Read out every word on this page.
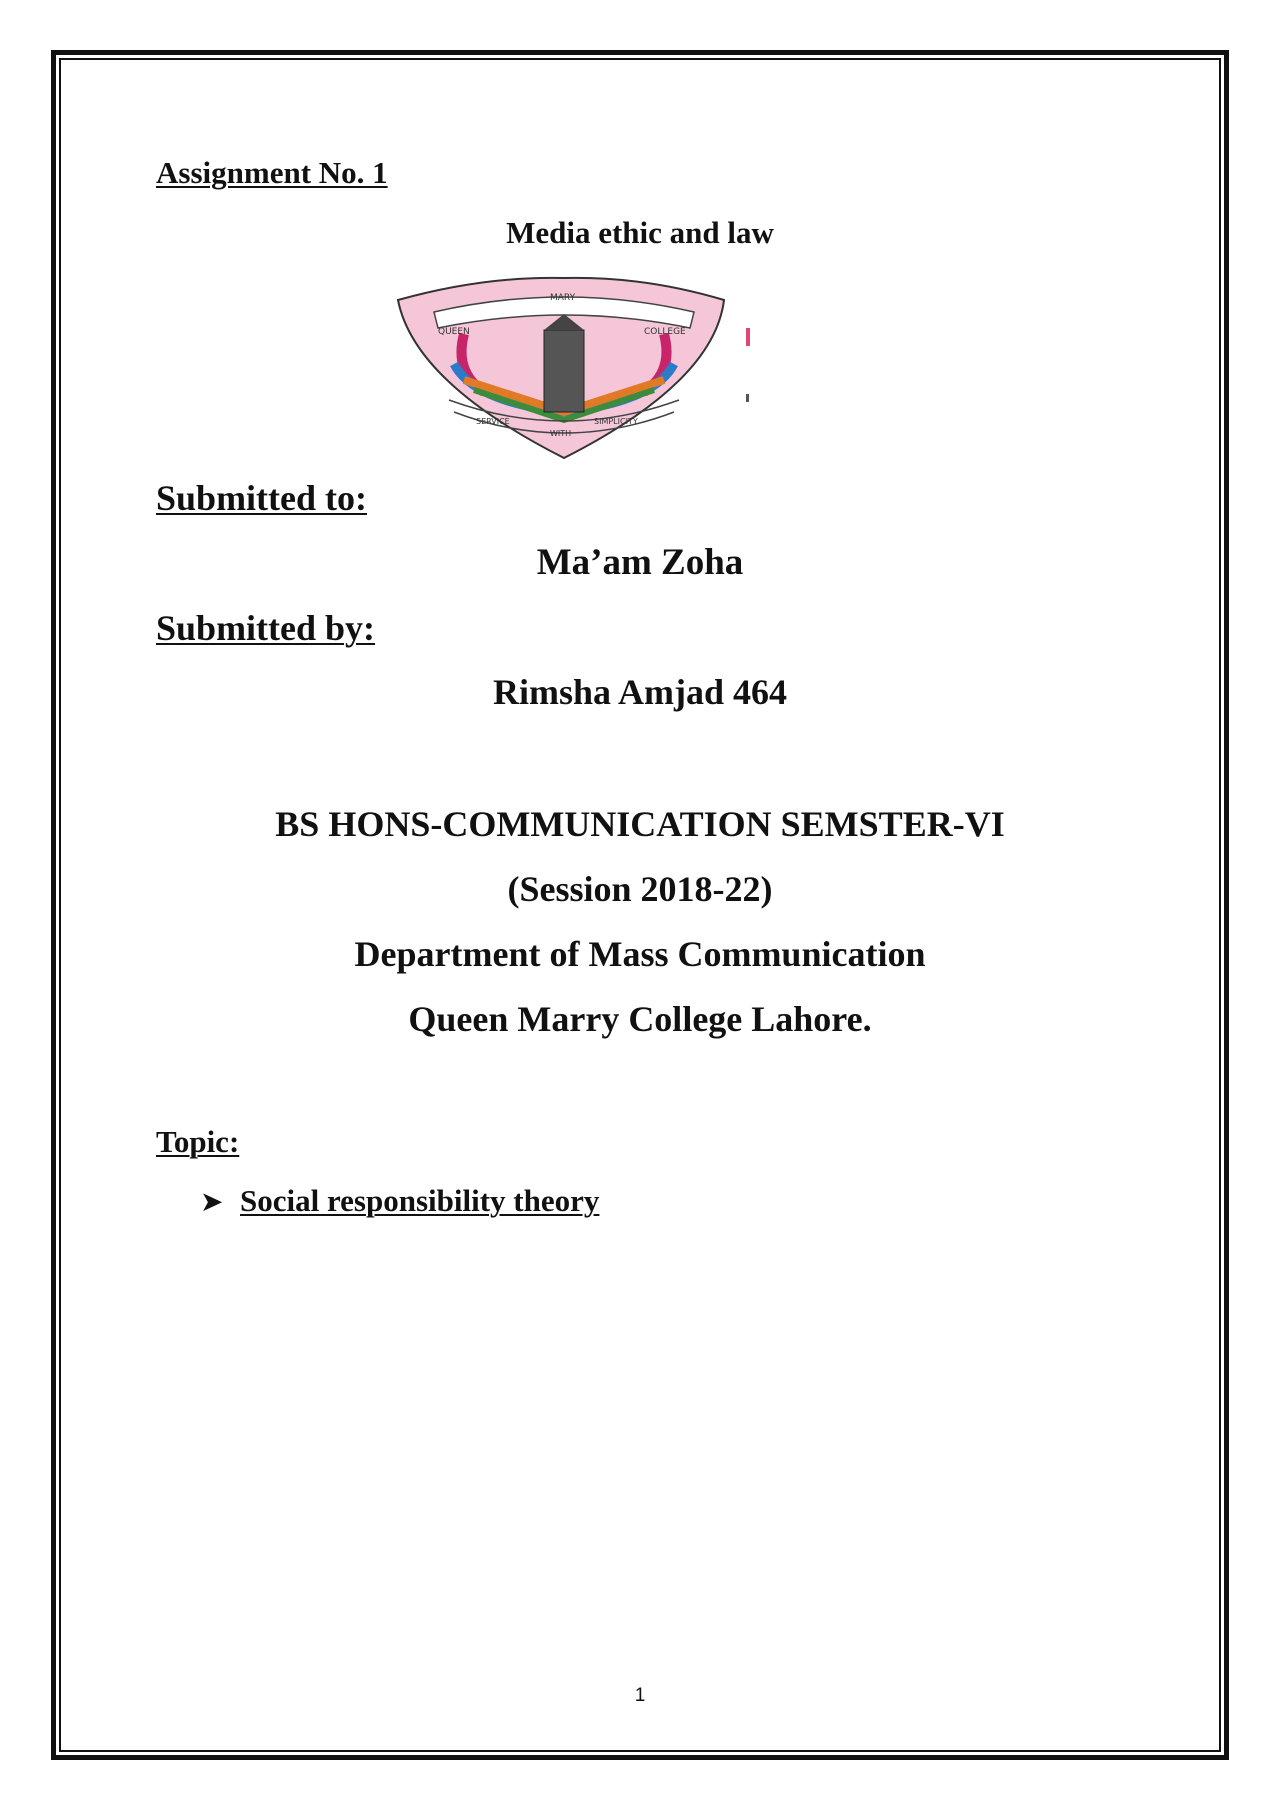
Assignment No. 1
Media ethic and law
QUEEN
MARY
COLLEGE
SERVICE
WITH
SIMPLICITY
Submitted to:
Ma’am Zoha
Submitted by:
Rimsha Amjad 464
BS HONS-COMMUNICATION SEMSTER-VI
(Session 2018-22)
Department of Mass Communication
Queen Marry College Lahore.
Topic:
➤ Social responsibility theory
1
